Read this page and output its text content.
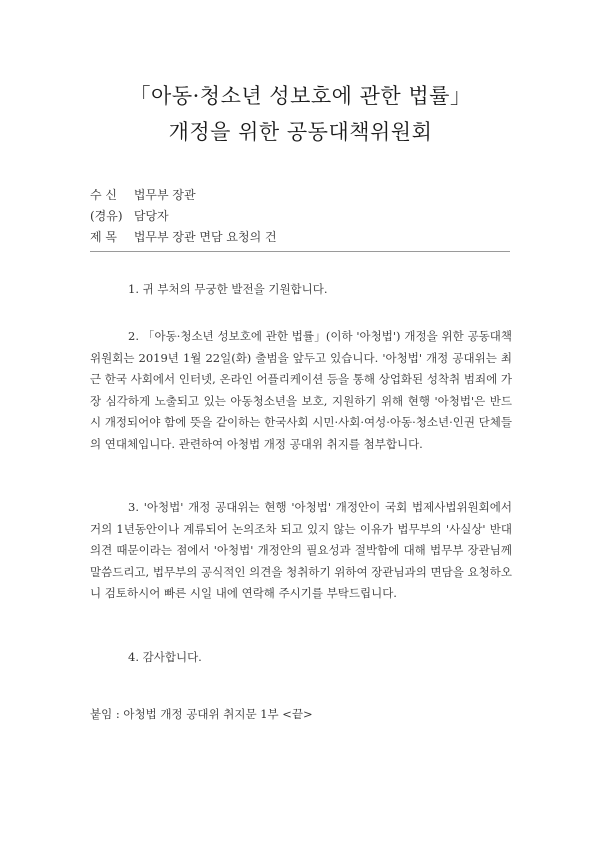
「아동·청소년 성보호에 관한 법률」
개정을 위한 공동대책위원회
수 신 법무부 장관
(경유) 담당자
제 목 법무부 장관 면담 요청의 건
1. 귀 부처의 무궁한 발전을 기원합니다.
2. 「아동·청소년 성보호에 관한 법률」(이하 '아청법') 개정을 위한 공동대책위원회는 2019년 1월 22일(화) 출범을 앞두고 있습니다. '아청법' 개정 공대위는 최근 한국 사회에서 인터넷, 온라인 어플리케이션 등을 통해 상업화된 성착취 범죄에 가장 심각하게 노출되고 있는 아동청소년을 보호, 지원하기 위해 현행 '아청법'은 반드시 개정되어야 함에 뜻을 같이하는 한국사회 시민·사회·여성·아동·청소년·인권 단체들의 연대체입니다. 관련하여 아청법 개정 공대위 취지를 첨부합니다.
3. '아청법' 개정 공대위는 현행 '아청법' 개정안이 국회 법제사법위원회에서 거의 1년동안이나 계류되어 논의조차 되고 있지 않는 이유가 법무부의 '사실상' 반대의견 때문이라는 점에서 '아청법' 개정안의 필요성과 절박함에 대해 법무부 장관님께 말씀드리고, 법무부의 공식적인 의견을 청취하기 위하여 장관님과의 면담을 요청하오니 검토하시어 빠른 시일 내에 연락해 주시기를 부탁드립니다.
4. 감사합니다.
붙임 : 아청법 개정 공대위 취지문 1부 <끝>
